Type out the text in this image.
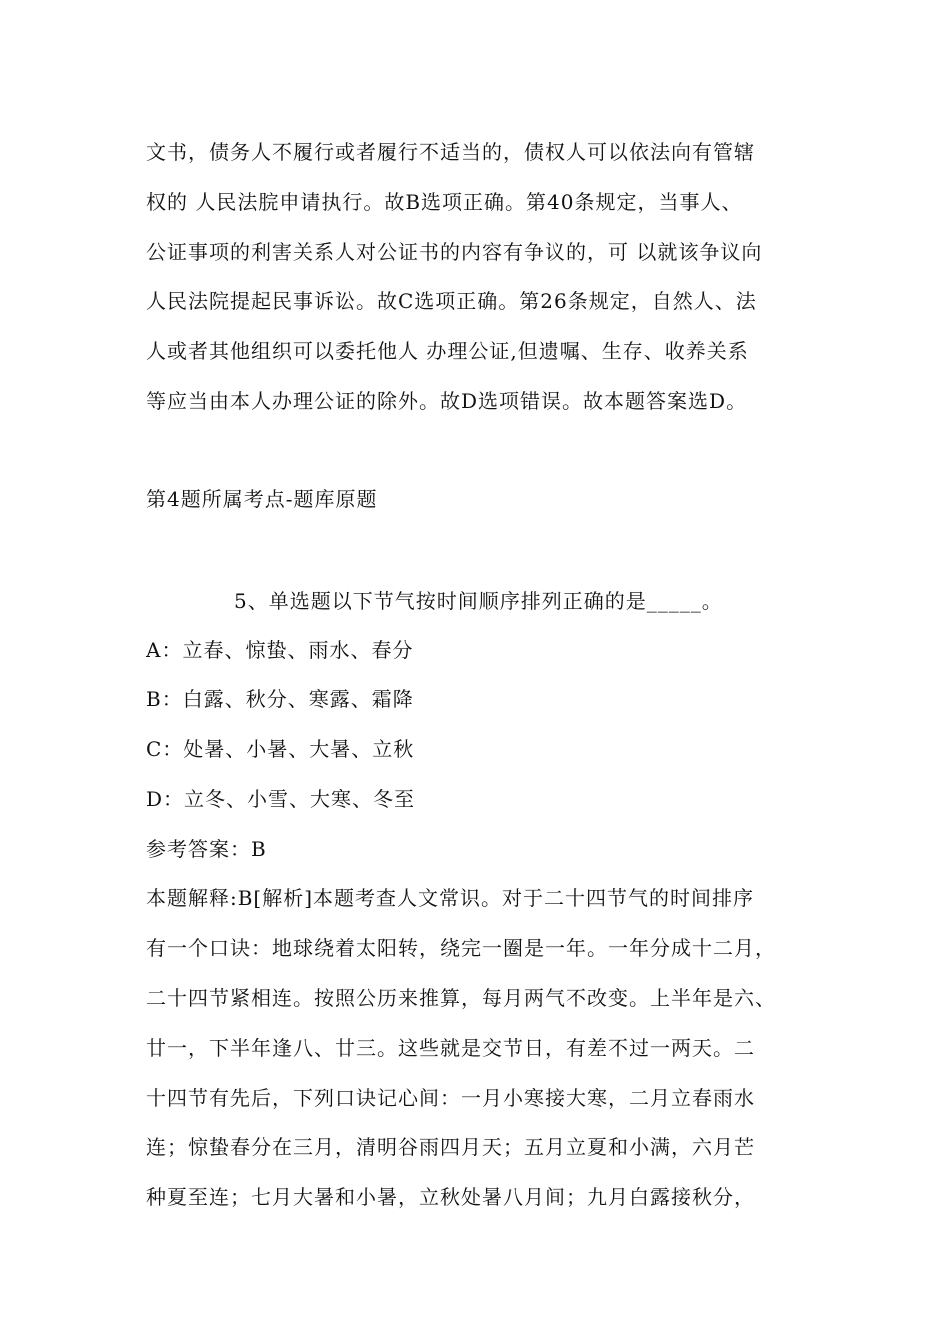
文书，债务人不履行或者履行不适当的，债权人可以依法向有管辖
权的 人民法脘申请执行。故B选项正确。第40条规定，当事人、
公证事项的利害关系人对公证书的内容有争议的，可 以就该争议向
人民法院提起民事诉讼。故C选项正确。第26条规定，自然人、法
人或者其他组织可以委托他人 办理公证,但遗嘱、生存、收养关系
等应当由本人办理公证的除外。故D选项错误。故本题答案选D。
第4题所属考点-题库原题
5、单选题以下节气按时间顺序排列正确的是_____。
A：立春、惊蛰、雨水、春分
B：白露、秋分、寒露、霜降
C：处暑、小暑、大暑、立秋
D：立冬、小雪、大寒、冬至
参考答案：B
本题解释:B[解析]本题考查人文常识。对于二十四节气的时间排序
有一个口诀：地球绕着太阳转，绕完一圈是一年。一年分成十二月，
二十四节紧相连。按照公历来推算，每月两气不改变。上半年是六、
廿一，下半年逢八、廿三。这些就是交节日，有差不过一两天。二
十四节有先后，下列口诀记心间：一月小寒接大寒，二月立春雨水
连；惊蛰春分在三月，清明谷雨四月天；五月立夏和小满，六月芒
种夏至连；七月大暑和小暑，立秋处暑八月间；九月白露接秋分，
